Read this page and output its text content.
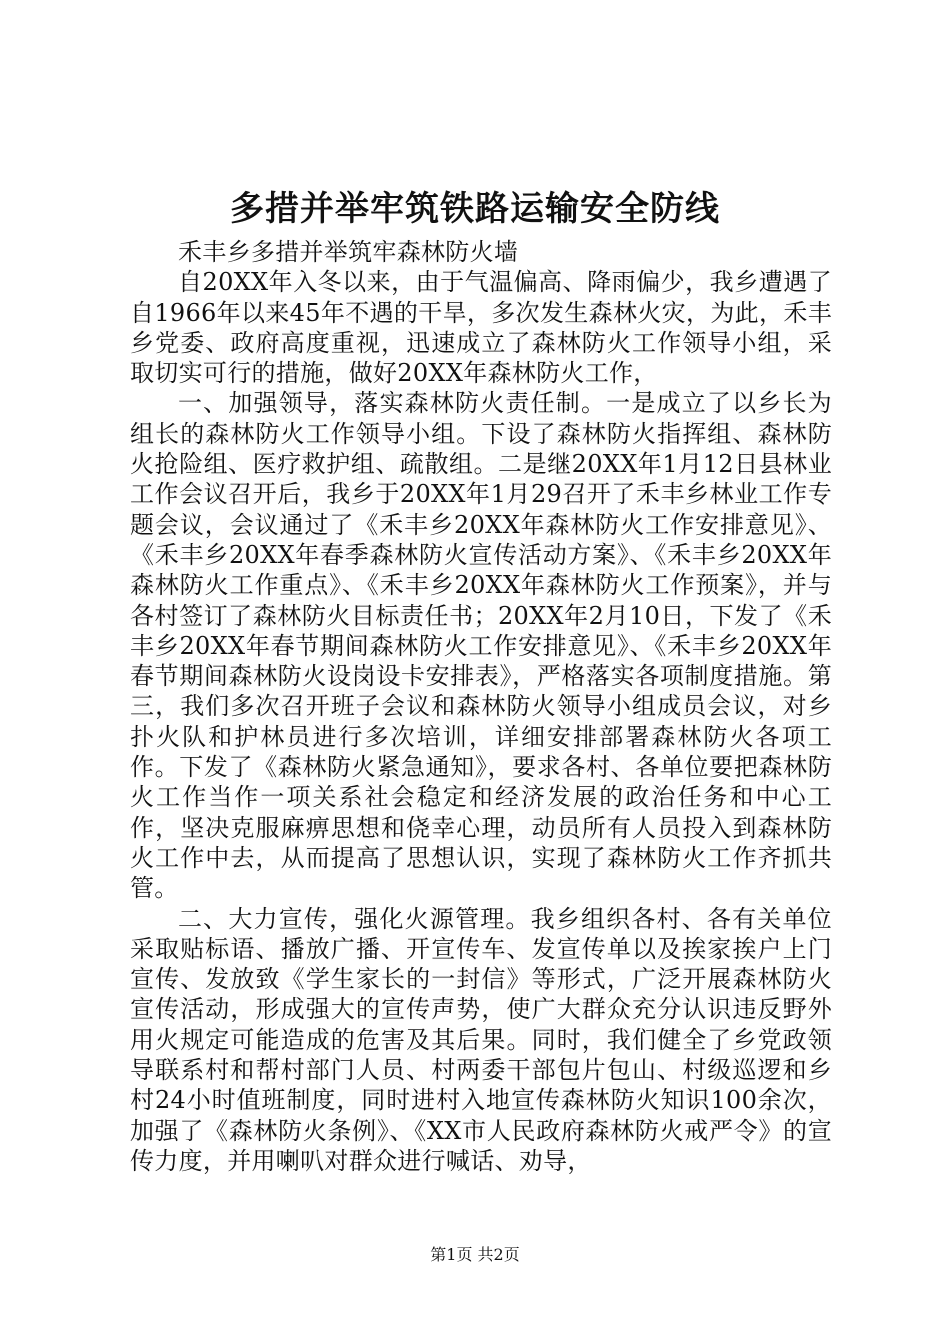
多措并举牢筑铁路运输安全防线

禾丰乡多措并举筑牢森林防火墙

自20XX年入冬以来，由于气温偏高、降雨偏少，我乡遭遇了自1966年以来45年不遇的干旱，多次发生森林火灾，为此，禾丰乡党委、政府高度重视，迅速成立了森林防火工作领导小组，采取切实可行的措施，做好20XX年森林防火工作，

一、加强领导，落实森林防火责任制。一是成立了以乡长为组长的森林防火工作领导小组。下设了森林防火指挥组、森林防火抢险组、医疗救护组、疏散组。二是继20XX年1月12日县林业工作会议召开后，我乡于20XX年1月29召开了禾丰乡林业工作专题会议，会议通过了《禾丰乡20XX年森林防火工作安排意见》、《禾丰乡20XX年春季森林防火宣传活动方案》、《禾丰乡20XX年森林防火工作重点》、《禾丰乡20XX年森林防火工作预案》，并与各村签订了森林防火目标责任书；20XX年2月10日，下发了《禾丰乡20XX年春节期间森林防火工作安排意见》、《禾丰乡20XX年春节期间森林防火设岗设卡安排表》，严格落实各项制度措施。第三，我们多次召开班子会议和森林防火领导小组成员会议，对乡扑火队和护林员进行多次培训，详细安排部署森林防火各项工作。下发了《森林防火紧急通知》，要求各村、各单位要把森林防火工作当作一项关系社会稳定和经济发展的政治任务和中心工作，坚决克服麻痹思想和侥幸心理，动员所有人员投入到森林防火工作中去，从而提高了思想认识，实现了森林防火工作齐抓共管。

二、大力宣传，强化火源管理。我乡组织各村、各有关单位采取贴标语、播放广播、开宣传车、发宣传单以及挨家挨户上门宣传、发放致《学生家长的一封信》等形式，广泛开展森林防火宣传活动，形成强大的宣传声势，使广大群众充分认识违反野外用火规定可能造成的危害及其后果。同时，我们健全了乡党政领导联系村和帮村部门人员、村两委干部包片包山、村级巡逻和乡村24小时值班制度，同时进村入地宣传森林防火知识100余次，加强了《森林防火条例》、《XX市人民政府森林防火戒严令》的宣传力度，并用喇叭对群众进行喊话、劝导，

第1页 共2页
